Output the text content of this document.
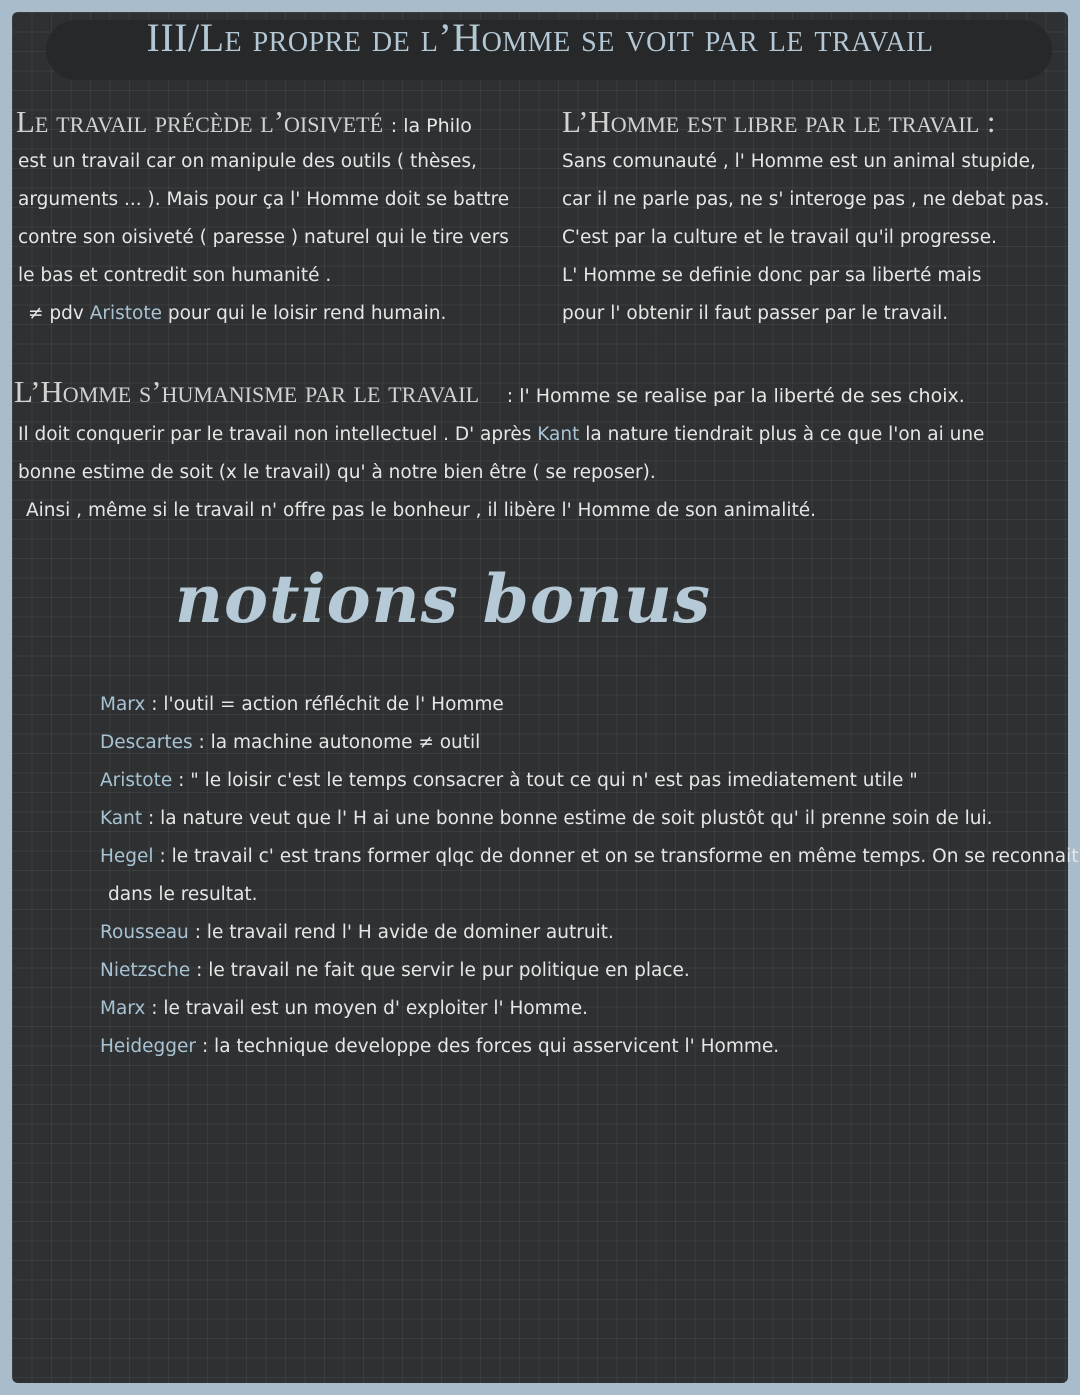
III/Le propre de l’Homme se voit par le travail
Le travail précède l’oisiveté : la Philo
est un travail car on manipule des outils ( thèses,
arguments ... ). Mais pour ça l' Homme doit se battre
contre son oisiveté ( paresse ) naturel qui le tire vers
le bas et contredit son humanité .
≠ pdv Aristote pour qui le loisir rend humain.
L’Homme est libre par le travail :
Sans comunauté , l' Homme est un animal stupide,
car il ne parle pas, ne s' interoge pas , ne debat pas.
C'est par la culture et le travail qu'il progresse.
L' Homme se definie donc par sa liberté mais
pour l' obtenir il faut passer par le travail.
L’Homme s’humanisme par le travail : l' Homme se realise par la liberté de ses choix.
Il doit conquerir par le travail non intellectuel . D' après Kant la nature tiendrait plus à ce que l'on ai une
bonne estime de soit (x le travail) qu' à notre bien être ( se reposer).
Ainsi , même si le travail n' offre pas le bonheur , il libère l' Homme de son animalité.
notions bonus
Marx : l'outil = action réfléchit de l' Homme
Descartes : la machine autonome ≠ outil
Aristote : " le loisir c'est le temps consacrer à tout ce qui n' est pas imediatement utile "
Kant : la nature veut que l' H ai une bonne bonne estime de soit plustôt qu' il prenne soin de lui.
Hegel : le travail c' est trans former qlqc de donner et on se transforme en même temps. On se reconnait
dans le resultat.
Rousseau : le travail rend l' H avide de dominer autruit.
Nietzsche : le travail ne fait que servir le pur politique en place.
Marx : le travail est un moyen d' exploiter l' Homme.
Heidegger : la technique developpe des forces qui asservicent l' Homme.
